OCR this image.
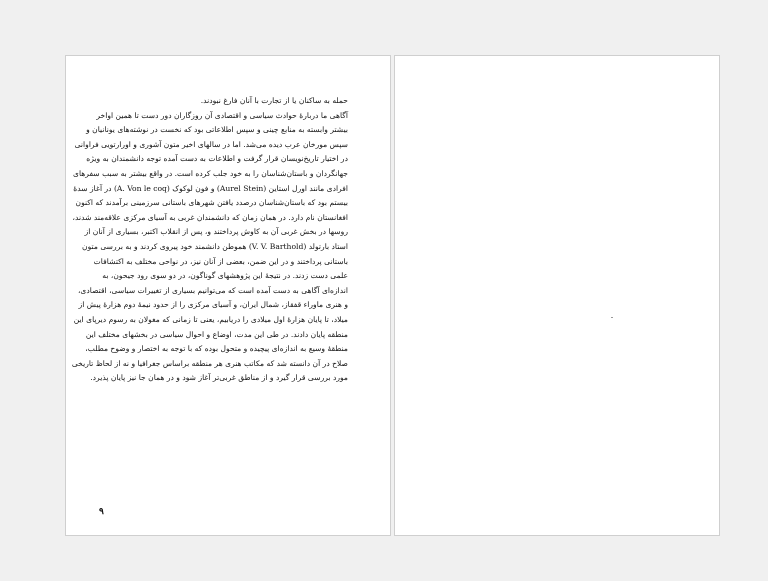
حمله به ساکنان یا از تجارت با آنان فارغ نبودند.
آگاهی ما دربارهٔ حوادث سیاسی و اقتصادی آن روزگاران دور دست تا همین اواخر
بیشتر وابسته به منابع چینی و سپس اطلاعاتی بود که نخست در نوشته‌های یونانیان و
سپس مورخان عرب دیده می‌شد. اما در سالهای اخیر متون آشوری و اورارتویی فراوانی
در اختیار تاریخ‌نویسان قرار گرفت و اطلاعات به دست آمده توجه دانشمندان به ویژه
جهانگردان و باستان‌شناسان را به خود جلب کرده است. در واقع بیشتر به سبب سفرهای
افرادی مانند اورل استاین (Aurel Stein) و فون لوکوک (A. Von le coq) در آغاز سدهٔ
بیستم بود که باستان‌شناسان درصدد یافتن شهرهای باستانی سرزمینی برآمدند که اکنون
افغانستان نام دارد. در همان زمان که دانشمندان غربی به آسیای مرکزی علاقه‌مند شدند،
روسها در بخش غربی آن به کاوش پرداختند و، پس از انقلاب اکتبر، بسیاری از آنان از
استاد بارتولد (V. V. Barthold) هموطن دانشمند خود پیروی کردند و به بررسی متون
باستانی پرداختند و در این ضمن، بعضی از آنان نیز، در نواحی مختلف به اکتشافات
علمی دست زدند. در نتیجهٔ این پژوهشهای گوناگون، در دو سوی رود جیحون، به
اندازه‌ای آگاهی به دست آمده است که می‌توانیم بسیاری از تغییرات سیاسی، اقتصادی،
و هنری ماوراء قفقاز، شمال ایران، و آسیای مرکزی را از حدود نیمهٔ دوم هزارهٔ پیش از
میلاد، تا پایان هزارهٔ اول میلادی را دریابیم، یعنی تا زمانی که مغولان به رسوم دیرپای این
منطقه پایان دادند. در طی این مدت، اوضاع و احوال سیاسی در بخشهای مختلف این
منطقهٔ وسیع به اندازه‌ای پیچیده و متحول بوده که با توجه به اختصار و وضوح مطلب،
صلاح در آن دانسته شد که مکاتب هنری هر منطقه براساس جغرافیا و نه از لحاظ تاریخی
مورد بررسی قرار گیرد و از مناطق غربی‌تر آغاز شود و در همان جا نیز پایان پذیرد.
۹
